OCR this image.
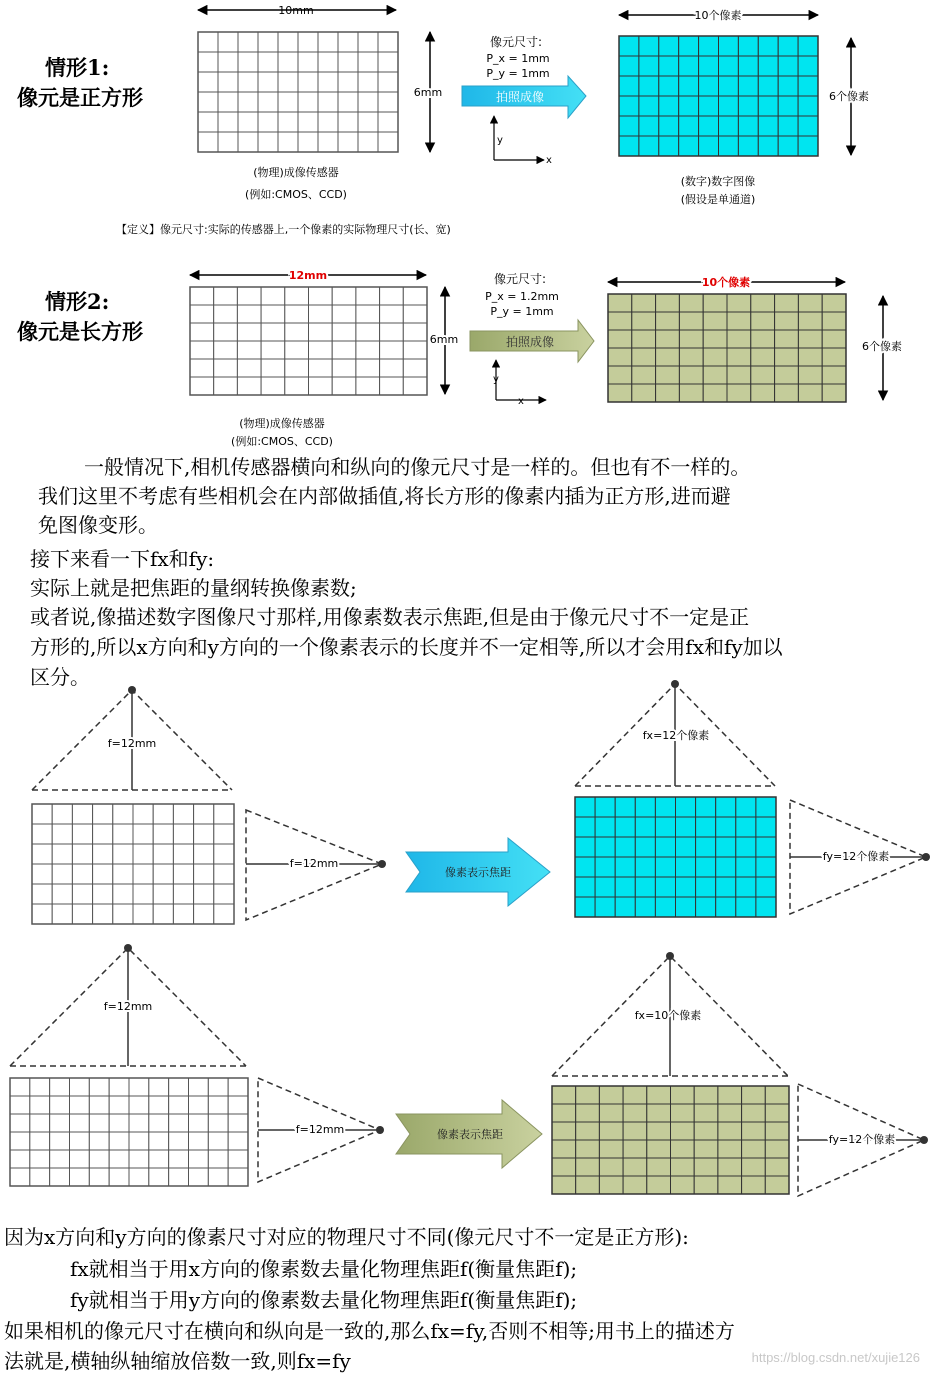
10mm
6mm
像元尺寸:
P_x = 1mm
P_y = 1mm
拍照成像
y
x
10个像素
6个像素
(物理)成像传感器
(例如:CMOS、CCD)
(数字)数字图像
(假设是单通道)
【定义】像元尺寸:实际的传感器上,一个像素的实际物理尺寸(长、宽)
12mm
6mm
像元尺寸:
P_x = 1.2mm
P_y = 1mm
拍照成像
y
x
10个像素
6个像素
(物理)成像传感器
(例如:CMOS、CCD)
f=12mm
f=12mm
像素表示焦距
fx=12个像素
fy=12个像素
f=12mm
f=12mm	像素表示焦距
fx=10个像素
fy=12个像素
情形1:
像元是正方形
情形2:
像元是长方形
一般情况下,相机传感器横向和纵向的像元尺寸是一样的。但也有不一样的。
我们这里不考虑有些相机会在内部做插值,将长方形的像素内插为正方形,进而避
免图像变形。
接下来看一下fx和fy:
实际上就是把焦距的量纲转换像素数;
或者说,像描述数字图像尺寸那样,用像素数表示焦距,但是由于像元尺寸不一定是正
方形的,所以x方向和y方向的一个像素表示的长度并不一定相等,所以才会用fx和fy加以
区分。
因为x方向和y方向的像素尺寸对应的物理尺寸不同(像元尺寸不一定是正方形):
fx就相当于用x方向的像素数去量化物理焦距f(衡量焦距f);
fy就相当于用y方向的像素数去量化物理焦距f(衡量焦距f);
如果相机的像元尺寸在横向和纵向是一致的,那么fx=fy,否则不相等;用书上的描述方
法就是,横轴纵轴缩放倍数一致,则fx=fy	https://blog.csdn.net/xujie126
